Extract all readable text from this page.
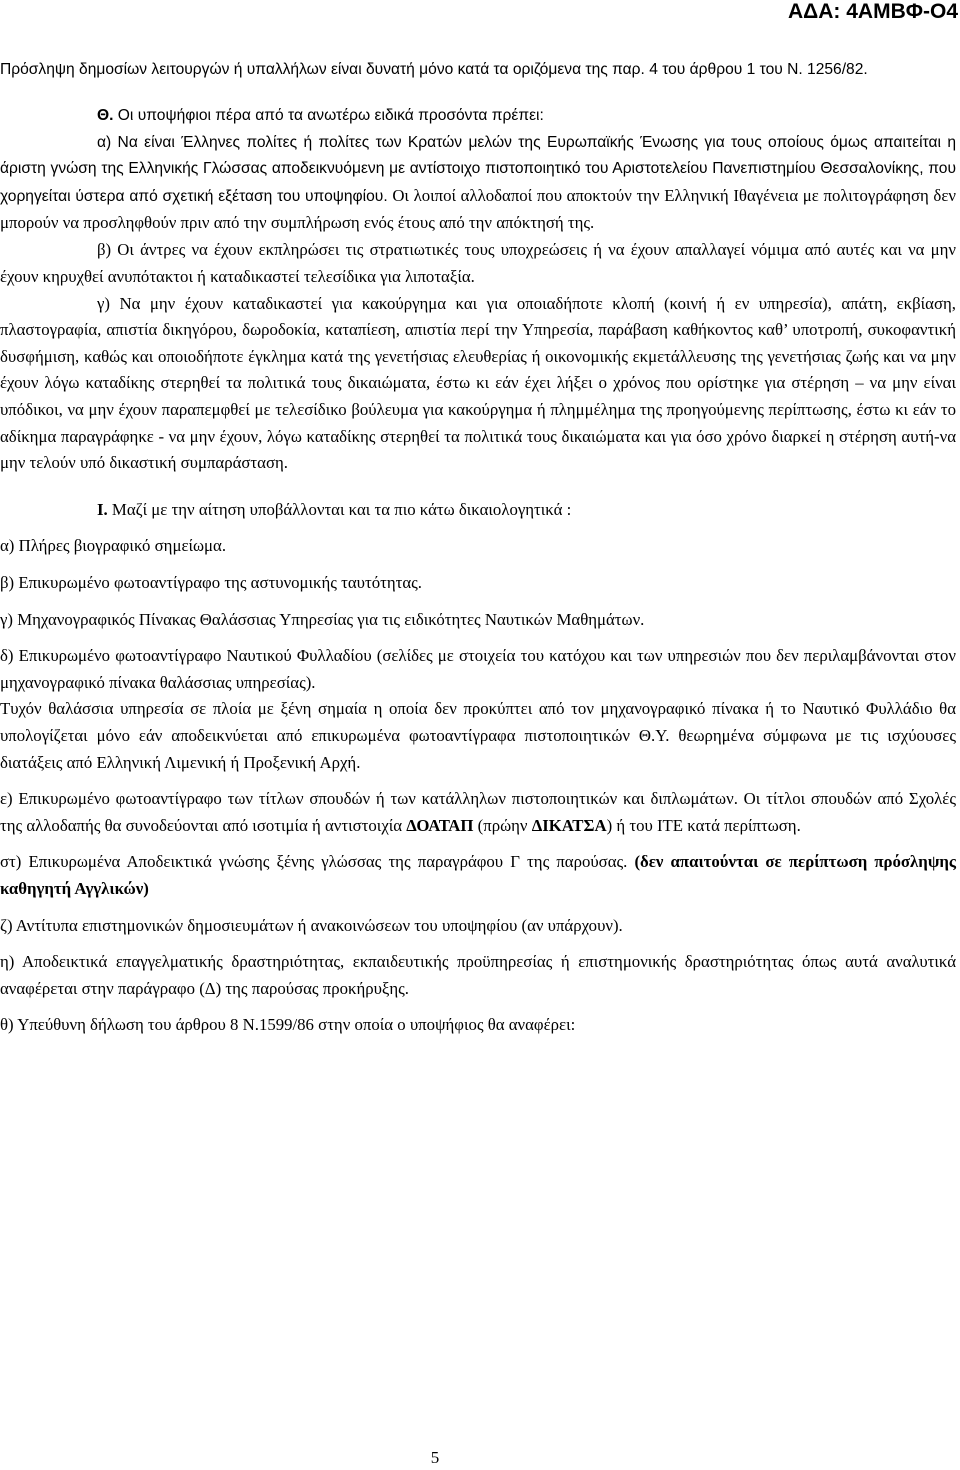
ΑΔΑ: 4ΑΜΒΦ-Ο4

Πρόσληψη δημοσίων λειτουργών ή υπαλλήλων είναι δυνατή μόνο κατά τα οριζόμενα της παρ. 4 του άρθρου 1 του Ν. 1256/82.

Θ. Οι υποψήφιοι πέρα από τα ανωτέρω ειδικά προσόντα πρέπει:

α) Να είναι Έλληνες πολίτες ή πολίτες των Κρατών μελών της Ευρωπαϊκής Ένωσης για τους οποίους όμως απαιτείται η άριστη γνώση της Ελληνικής Γλώσσας αποδεικνυόμενη με αντίστοιχο πιστοποιητικό του Αριστοτελείου Πανεπιστημίου Θεσσαλονίκης, που χορηγείται ύστερα από σχετική εξέταση του υποψηφίου. Οι λοιποί αλλοδαποί που αποκτούν την Ελληνική Ιθαγένεια με πολιτογράφηση δεν μπορούν να προσληφθούν πριν από την συμπλήρωση ενός έτους από την απόκτησή της.

β) Οι άντρες να έχουν εκπληρώσει τις στρατιωτικές τους υποχρεώσεις ή να έχουν απαλλαγεί νόμιμα από αυτές και να μην έχουν κηρυχθεί ανυπότακτοι ή καταδικαστεί τελεσίδικα για λιποταξία.

γ) Να μην έχουν καταδικαστεί για κακούργημα και για οποιαδήποτε κλοπή (κοινή ή εν υπηρεσία), απάτη, εκβίαση, πλαστογραφία, απιστία δικηγόρου, δωροδοκία, καταπίεση, απιστία περί την Υπηρεσία, παράβαση καθήκοντος καθ’ υποτροπή, συκοφαντική δυσφήμιση, καθώς και οποιοδήποτε έγκλημα κατά της γενετήσιας ελευθερίας ή οικονομικής εκμετάλλευσης της γενετήσιας ζωής και να μην έχουν λόγω καταδίκης στερηθεί τα πολιτικά τους δικαιώματα, έστω κι εάν έχει λήξει ο χρόνος που ορίστηκε για στέρηση – να μην είναι υπόδικοι, να μην έχουν παραπεμφθεί με τελεσίδικο βούλευμα για κακούργημα ή πλημμέλημα της προηγούμενης περίπτωσης, έστω κι εάν το αδίκημα παραγράφηκε - να μην έχουν, λόγω καταδίκης στερηθεί τα πολιτικά τους δικαιώματα και για όσο χρόνο διαρκεί η στέρηση αυτή-να μην τελούν υπό δικαστική συμπαράσταση.

Ι. Μαζί με την αίτηση υποβάλλονται και τα πιο κάτω δικαιολογητικά :

α) Πλήρες βιογραφικό σημείωμα.

β) Επικυρωμένο φωτοαντίγραφο της αστυνομικής ταυτότητας.

γ) Μηχανογραφικός Πίνακας Θαλάσσιας Υπηρεσίας για τις ειδικότητες Ναυτικών Μαθημάτων.

δ) Επικυρωμένο φωτοαντίγραφο Ναυτικού Φυλλαδίου (σελίδες με στοιχεία του κατόχου και των υπηρεσιών που δεν περιλαμβάνονται στον μηχανογραφικό πίνακα θαλάσσιας υπηρεσίας).

Τυχόν θαλάσσια υπηρεσία σε πλοία με ξένη σημαία η οποία δεν προκύπτει από τον μηχανογραφικό πίνακα ή το Ναυτικό Φυλλάδιο θα υπολογίζεται μόνο εάν αποδεικνύεται από επικυρωμένα φωτοαντίγραφα πιστοποιητικών Θ.Υ. θεωρημένα σύμφωνα με τις ισχύουσες διατάξεις από Ελληνική Λιμενική ή Προξενική Αρχή.

ε) Επικυρωμένο φωτοαντίγραφο των τίτλων σπουδών ή των κατάλληλων πιστοποιητικών και διπλωμάτων. Οι τίτλοι σπουδών από Σχολές της αλλοδαπής θα συνοδεύονται από ισοτιμία ή αντιστοιχία ΔΟΑΤΑΠ (πρώην ΔΙΚΑΤΣΑ) ή του ΙΤΕ κατά περίπτωση.

στ) Επικυρωμένα Αποδεικτικά γνώσης ξένης γλώσσας της παραγράφου Γ της παρούσας. (δεν απαιτούνται σε περίπτωση πρόσληψης καθηγητή Αγγλικών)

ζ) Αντίτυπα επιστημονικών δημοσιευμάτων ή ανακοινώσεων του υποψηφίου (αν υπάρχουν).

η) Αποδεικτικά επαγγελματικής δραστηριότητας, εκπαιδευτικής προϋπηρεσίας ή επιστημονικής δραστηριότητας όπως αυτά αναλυτικά αναφέρεται στην παράγραφο (Δ) της παρούσας προκήρυξης.

θ) Υπεύθυνη δήλωση του άρθρου 8 Ν.1599/86 στην οποία ο υποψήφιος θα αναφέρει:

5
